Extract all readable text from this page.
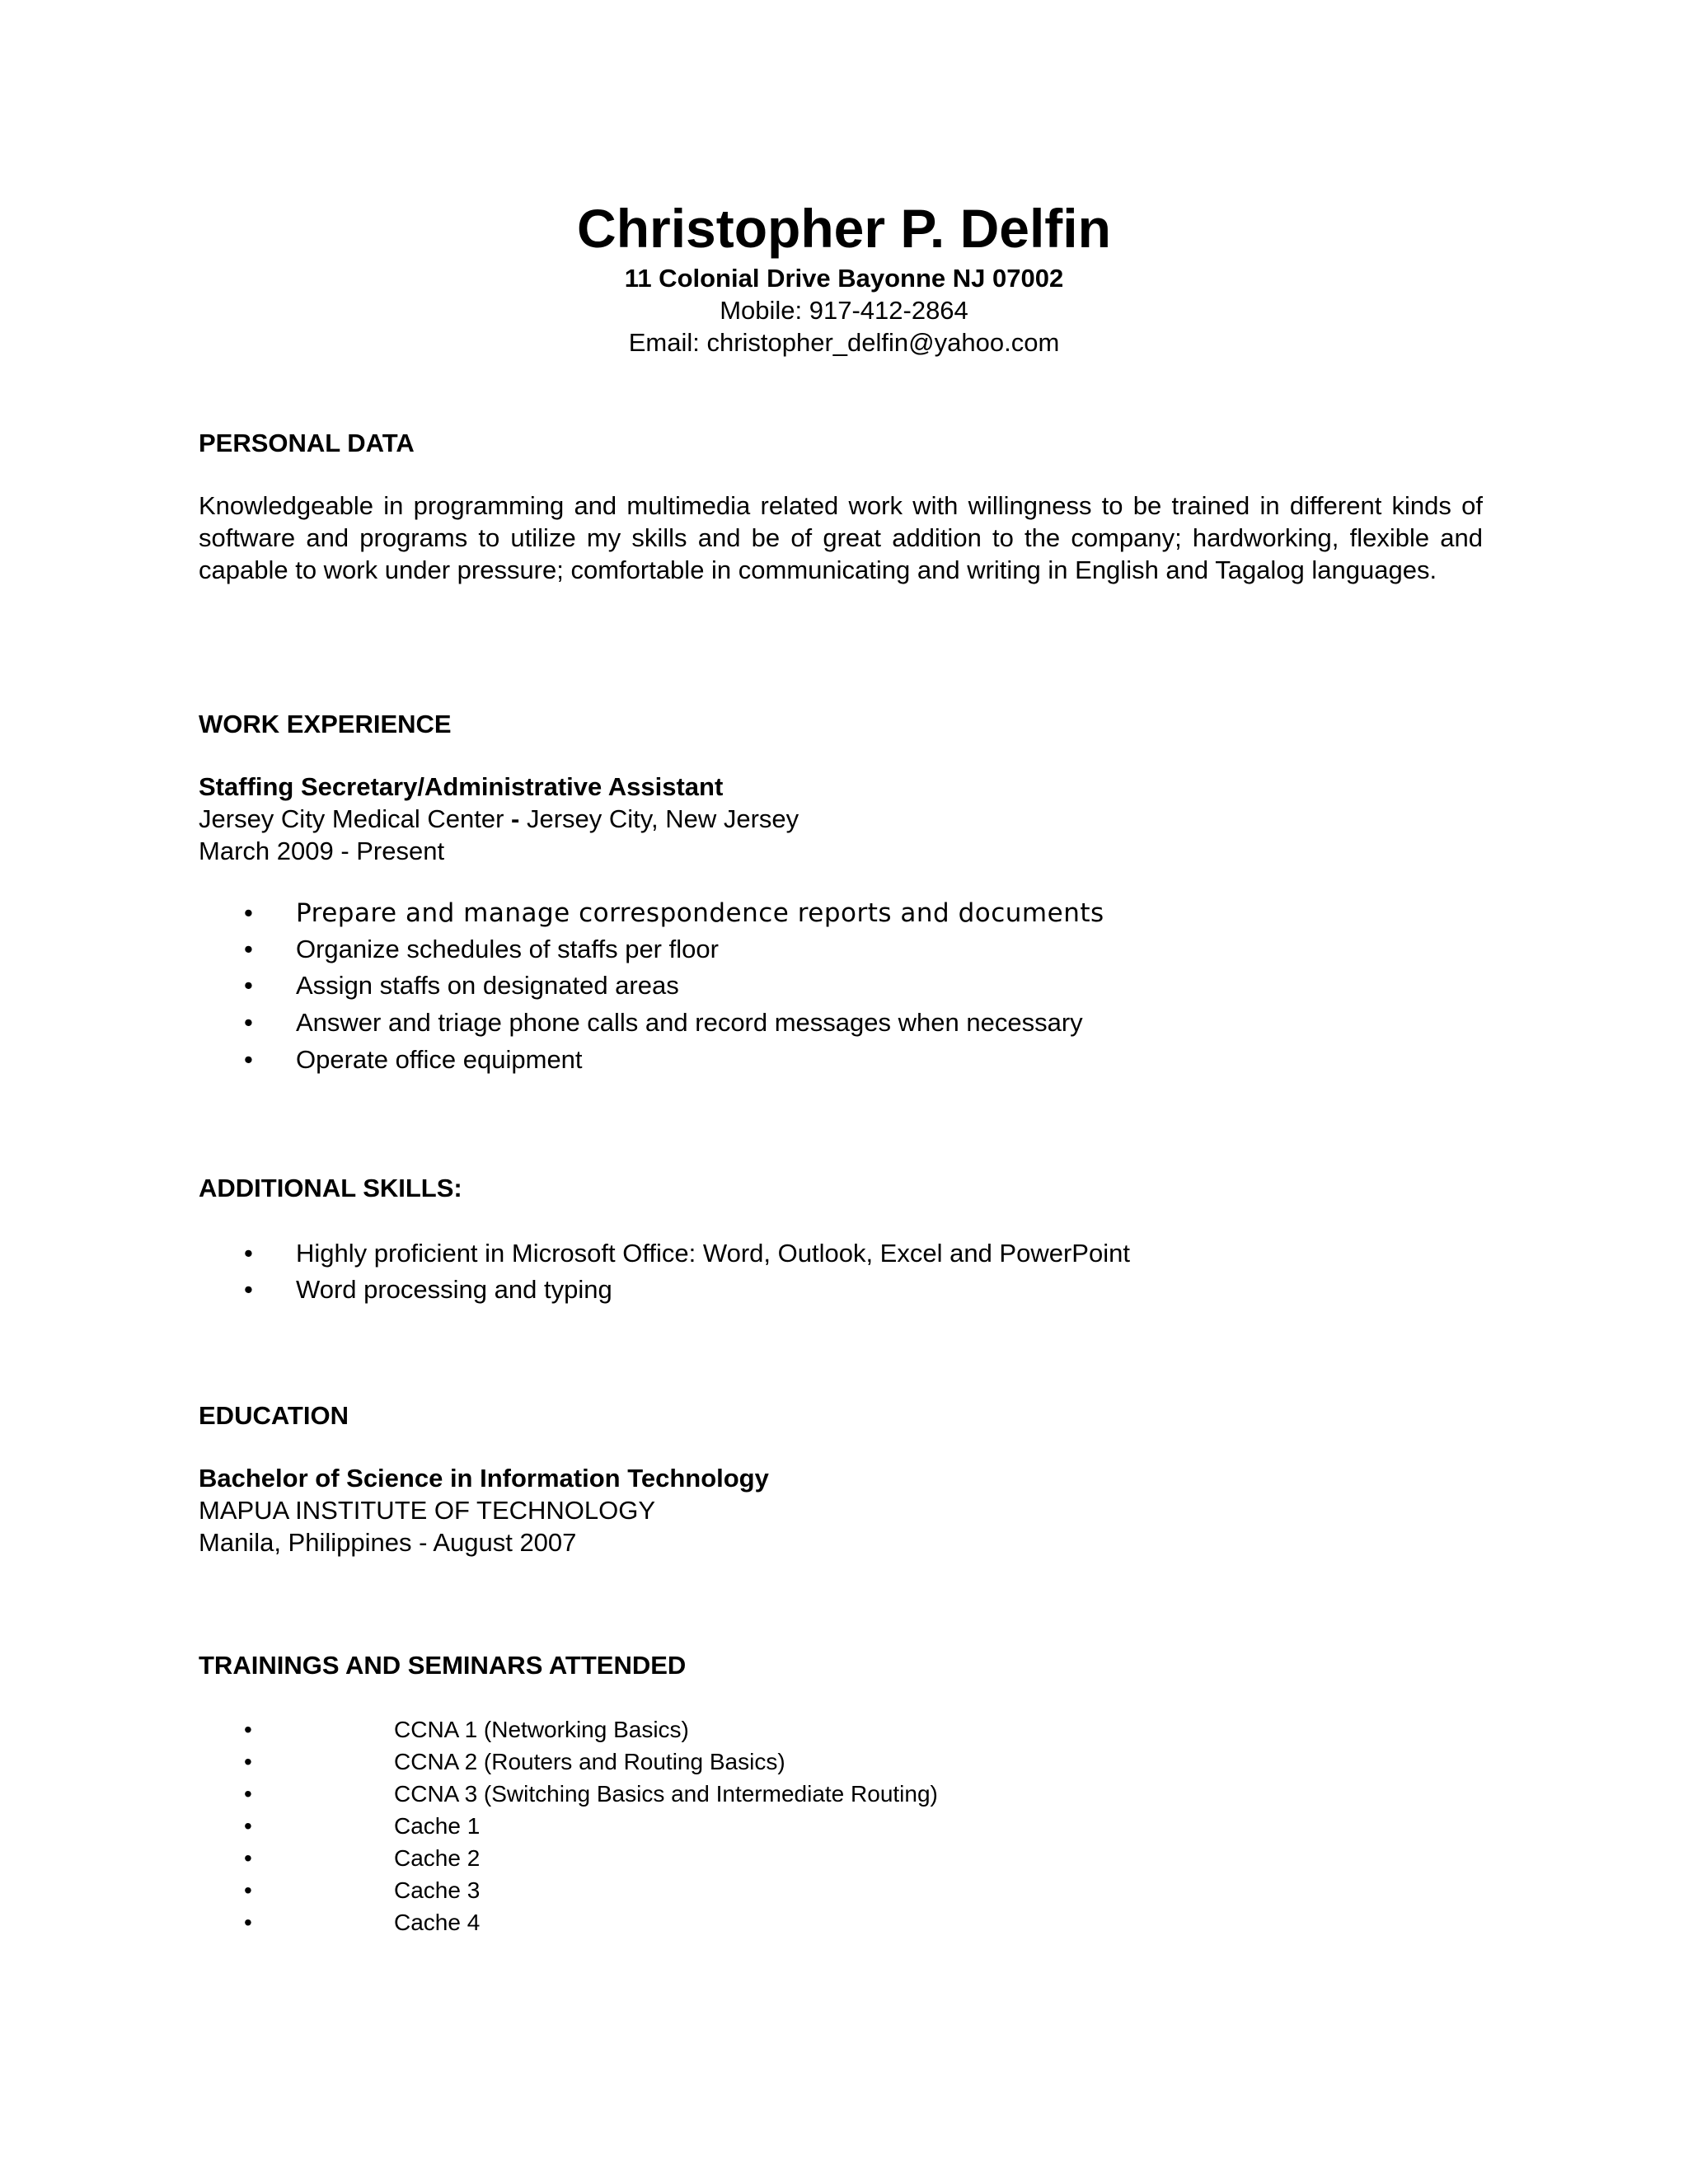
Christopher P. Delfin
11 Colonial Drive Bayonne NJ 07002
Mobile: 917-412-2864
Email: christopher_delfin@yahoo.com
PERSONAL DATA
Knowledgeable in programming and multimedia related work with willingness to be trained in different kinds of software and programs to utilize my skills and be of great addition to the company; hardworking, flexible and capable to work under pressure; comfortable in communicating and writing in English and Tagalog languages.
WORK EXPERIENCE
Staffing Secretary/Administrative Assistant
Jersey City Medical Center - Jersey City, New Jersey
March 2009 - Present
• Prepare and manage correspondence reports and documents
• Organize schedules of staffs per floor
• Assign staffs on designated areas
• Answer and triage phone calls and record messages when necessary
• Operate office equipment
ADDITIONAL SKILLS:
• Highly proficient in Microsoft Office: Word, Outlook, Excel and PowerPoint
• Word processing and typing
EDUCATION
Bachelor of Science in Information Technology
MAPUA INSTITUTE OF TECHNOLOGY
Manila, Philippines - August 2007
TRAININGS AND SEMINARS ATTENDED
•	CCNA 1 (Networking Basics)
•	CCNA 2 (Routers and Routing Basics)
•	CCNA 3 (Switching Basics and Intermediate Routing)
•	Cache 1
•	Cache 2
•	Cache 3
•	Cache 4
